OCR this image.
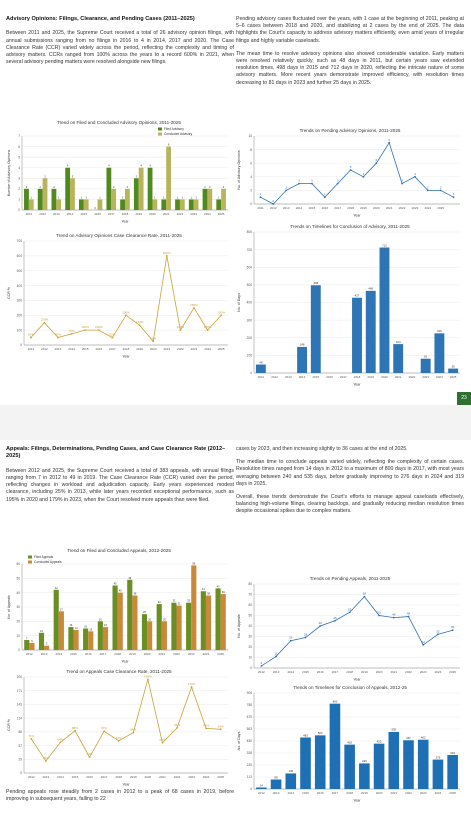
Advisory Opinions: Filings, Clearance, and Pending Cases (2011–2025)

Between 2011 and 2025, the Supreme Court received a total of 26 advisory opinion filings, with annual submissions ranging from no filings in 2016 to 4 in 2014, 2017 and 2020. The Case Clearance Rate (CCR) varied widely across the period, reflecting the complexity and timing of advisory matters. CCRs ranged from 100% across the years to a record 600% in 2021, when several advisory pending matters were resolved alongside new filings.

Pending advisory cases fluctuated over the years, with 1 case at the beginning of 2011, peaking at 5–6 cases between 2018 and 2020, and stabilizing at 2 cases by the end of 2025. The data highlights the Court's capacity to address advisory matters efficiently, even amid years of irregular filings and highly variable caseloads.

The mean time to resolve advisory opinions also showed considerable variation. Early matters were resolved relatively quickly, such as 48 days in 2011, but certain years saw extended resolution times, 498 days in 2015 and 712 days in 2020, reflecting the intricate nature of some advisory matters. More recent years demonstrate improved efficiency, with resolution times decreasing to 81 days in 2023 and further 25 days in 2025.

Trend on Filed and Concluded Advisory Opinions, 2011-2025
Year
Number of Advisory Opinions
0
1
2
3
4
5
6
7
2011 2012 2013 2014 2015 2016 2017 2018 2019 2020 2021 2022 2023 2024 2025
2	2	2
4
1
0
4
1
3
4
1	1	1
2
1
1
3
1
3
1	1
2	2
4
1
6
1	1
2	2
Filed Advisory
Concluded Advisory
Trends on Pending Advisory Opinions, 2011-2025
Year
No. of Advisory Opinions
0
2
4
6
8
10
2011 2012 2013 2014 2015 2016 2017 2018 2019 2020 2021 2022 2023 2024 2025
1
0
2
3	3
1
3
5
4
6
9
3
4
2	2
1
Trend on Advisory Opinions Case Clearance Rate, 2011-2025
Year
CCR %
0
100
200
300
400
500
600
700
2011 2012 2013 2014 2015 2016 2017 2018 2019 2020 2021 2022 2023 2024 2025
50%
150%
50%
75%
100% 100%
50%
200%
133%
25%
600%
100%
250%
100%
200%
Trends on Timelines for Conclusion of Advisory, 2011-2025
Year
No. of Days
0
100
200
300
400
500
600
700
800
2011 2012 2013 2014 2015 2016 2017 2018 2019 2020 2021 2022 2023 2024 2025
48
148
498
427
466
712
164
81
225
25
23
Appeals: Filings, Determinations, Pending Cases, and Case Clearance Rate (2012–2025)

Between 2012 and 2025, the Supreme Court received a total of 383 appeals, with annual filings ranging from 7 in 2012 to 49 in 2019. The Case Clearance Rate (CCR) varied over the period, reflecting changes in workload and adjudication capacity. Early years experienced modest clearance, including 25% in 2013, while later years recorded exceptional performance, such as 195% in 2020 and 179% in 2023, when the Court resolved more appeals than were filed.

cases by 2023, and then increasing slightly to 36 cases at the end of 2025.

The median time to conclude appeals varied widely, reflecting the complexity of certain cases. Resolution times ranged from 14 days in 2012 to a maximum of 800 days in 2017, with most years averaging between 240 and 535 days, before gradually improving to 276 days in 2024 and 319 days in 2025.

Overall, these trends demonstrate the Court's efforts to manage appeal caseloads effectively, balancing high-volume filings, clearing backlogs, and gradually reducing median resolution times despite occasional spikes due to complex matters.

Trend on Filed and Concluded Appeals, 2012-2025
Year
No. of Appeals
0
10
20
30
40
50
60
2012	2013	2014	2015	2016	2017	2018	2019	2020	2021	2022	2023	2024	2025
7
12
42
16	15
20
45
49
25
32	33	33
41
43
5
3
27
14	13
16
40
38
20	20
31
59
38	39
Filed Appeals
Concluded Appeals
Trends on Pending Appeals, 2011-2025
Year
No. of Appeals
0
10
20
30
40
50
60
70
80
2012	2013	2014	2015	2016	2017	2018	2019	2020	2021	2022	2023	2024	2025
2
11
26
29
40
45
53
68
50
48	49
22
32
36
Trend on Appeals Case Clearance Rate, 2011-2025
Year
CCR %
0
29
57
86
114
143
171
200
2012	2013	2014	2015	2016	2017	2018	2019	2020	2021	2022	2023	2024	2025
71%
25%
64%
88%
33%
87%
67%
84%
195%
63%
94%
179%
93%	91%
Trends on Timelines for Conclusion of Appeals, 2012-25
Year
No. of Days
0
113
225
338
450
563
675
788
900
2012	2013	2014	2015	2016	2017	2018	2019	2020	2021	2022	2023	2024	2025
14
89
146
483
503
800
416
240
425
535
457	462
276
319

Pending appeals rose steadily from 2 cases in 2012 to a peak of 68 cases in 2019, before improving in subsequent years, falling to 22
